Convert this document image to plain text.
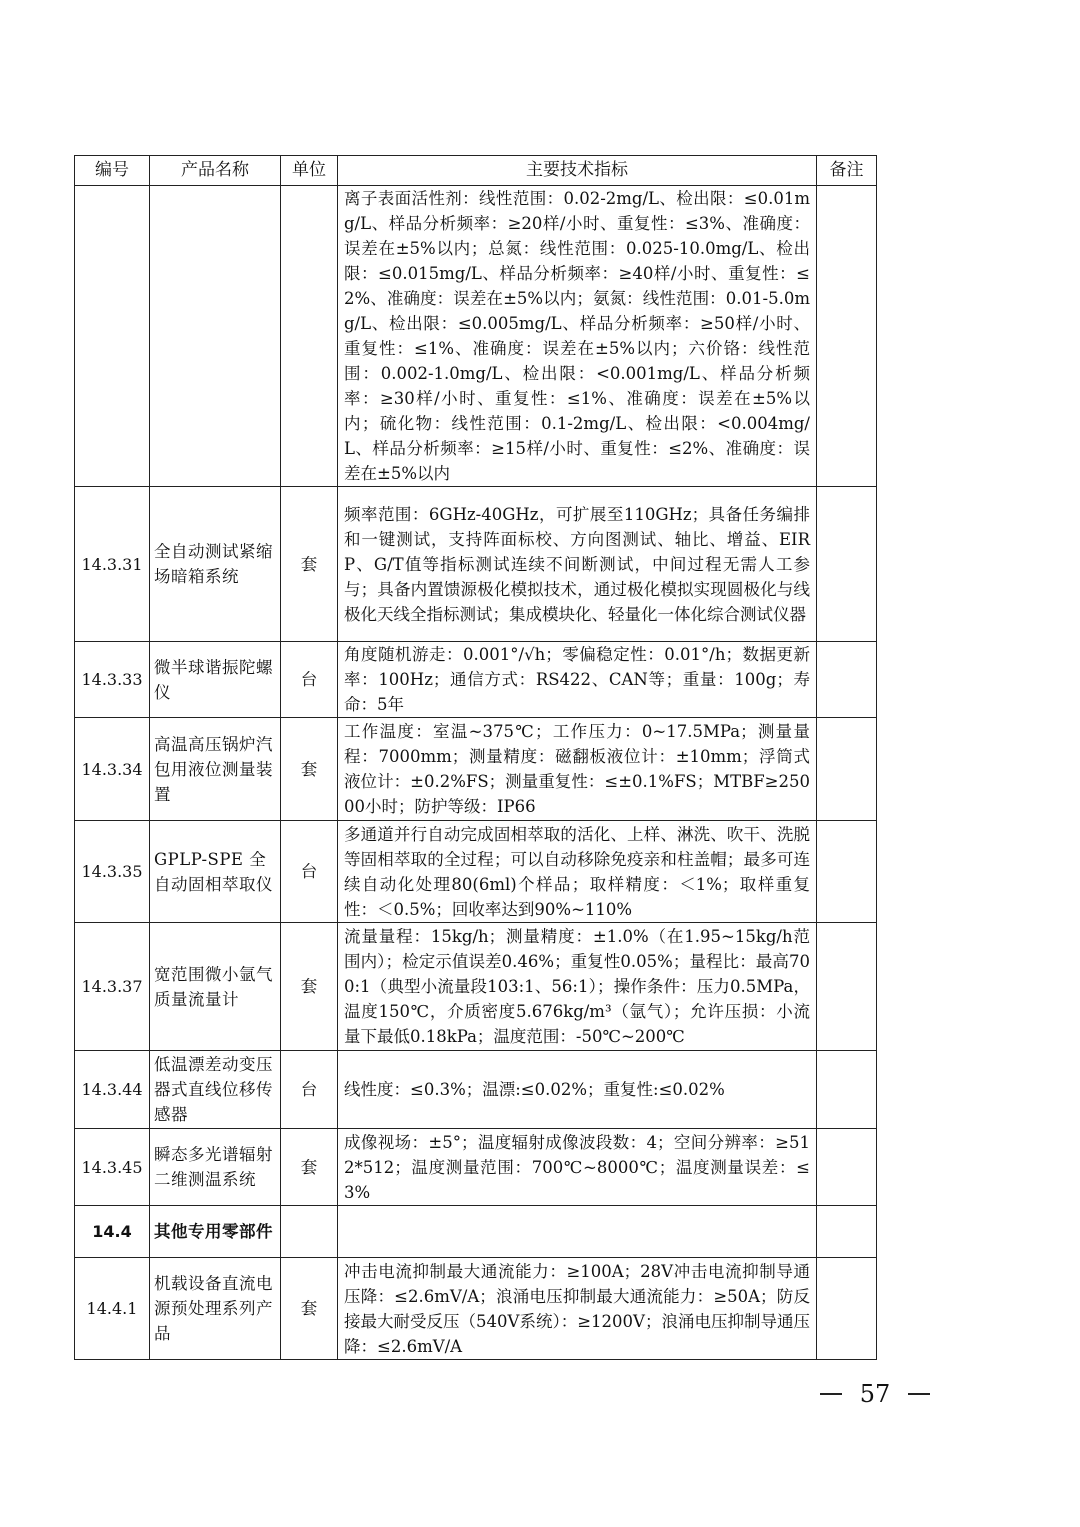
编号	产品名称	单位	主要技术指标	备注
			离子表面活性剂：线性范围：0.02-2mg/L、检出限：≤0.01mg/L、样品分析频率：≥20样/小时、重复性：≤3%、准确度：误差在±5%以内；总氮：线性范围：0.025-10.0mg/L、检出限：≤0.015mg/L、样品分析频率：≥40样/小时、重复性：≤2%、准确度：误差在±5%以内；氨氮：线性范围：0.01-5.0mg/L、检出限：≤0.005mg/L、样品分析频率：≥50样/小时、重复性：≤1%、准确度：误差在±5%以内；六价铬：线性范围：0.002-1.0mg/L、检出限：<0.001mg/L、样品分析频率：≥30样/小时、重复性：≤1%、准确度：误差在±5%以内；硫化物：线性范围：0.1-2mg/L、检出限：<0.004mg/L、样品分析频率：≥15样/小时、重复性：≤2%、准确度：误差在±5%以内	
14.3.31	全自动测试紧缩场暗箱系统	套	频率范围：6GHz-40GHz，可扩展至110GHz；具备任务编排和一键测试，支持阵面标校、方向图测试、轴比、增益、EIRP、G/T值等指标测试连续不间断测试，中间过程无需人工参与；具备内置馈源极化模拟技术，通过极化模拟实现圆极化与线极化天线全指标测试；集成模块化、轻量化一体化综合测试仪器	
14.3.33	微半球谐振陀螺仪	台	角度随机游走：0.001°/√h；零偏稳定性：0.01°/h；数据更新率：100Hz；通信方式：RS422、CAN等；重量：100g；寿命：5年	
14.3.34	高温高压锅炉汽包用液位测量装置	套	工作温度：室温~375℃；工作压力：0~17.5MPa；测量量程：7000mm；测量精度：磁翻板液位计：±10mm；浮筒式液位计：±0.2%FS；测量重复性：≤±0.1%FS；MTBF≥25000小时；防护等级：IP66	
14.3.35	GPLP-SPE 全自动固相萃取仪	台	多通道并行自动完成固相萃取的活化、上样、淋洗、吹干、洗脱等固相萃取的全过程；可以自动移除免疫亲和柱盖帽；最多可连续自动化处理80(6ml)个样品；取样精度：＜1%；取样重复性：＜0.5%；回收率达到90%~110%	
14.3.37	宽范围微小氩气质量流量计	套	流量量程：15kg/h；测量精度：±1.0%（在1.95~15kg/h范围内）；检定示值误差0.46%；重复性0.05%；量程比：最高700:1（典型小流量段103:1、56:1）；操作条件：压力0.5MPa，温度150℃，介质密度5.676kg/m³（氩气）；允许压损：小流量下最低0.18kPa；温度范围：-50℃~200℃	
14.3.44	低温漂差动变压器式直线位移传感器	台	线性度：≤0.3%；温漂:≤0.02%；重复性:≤0.02%	
14.3.45	瞬态多光谱辐射二维测温系统	套	成像视场：±5°；温度辐射成像波段数：4；空间分辨率：≥512*512；温度测量范围：700℃~8000℃；温度测量误差：≤3%	
14.4	其他专用零部件			
14.4.1	机载设备直流电源预处理系列产品	套	冲击电流抑制最大通流能力：≥100A；28V冲击电流抑制导通压降：≤2.6mV/A；浪涌电压抑制最大通流能力：≥50A；防反接最大耐受反压（540V系统）：≥1200V；浪涌电压抑制导通压降：≤2.6mV/A	
57
